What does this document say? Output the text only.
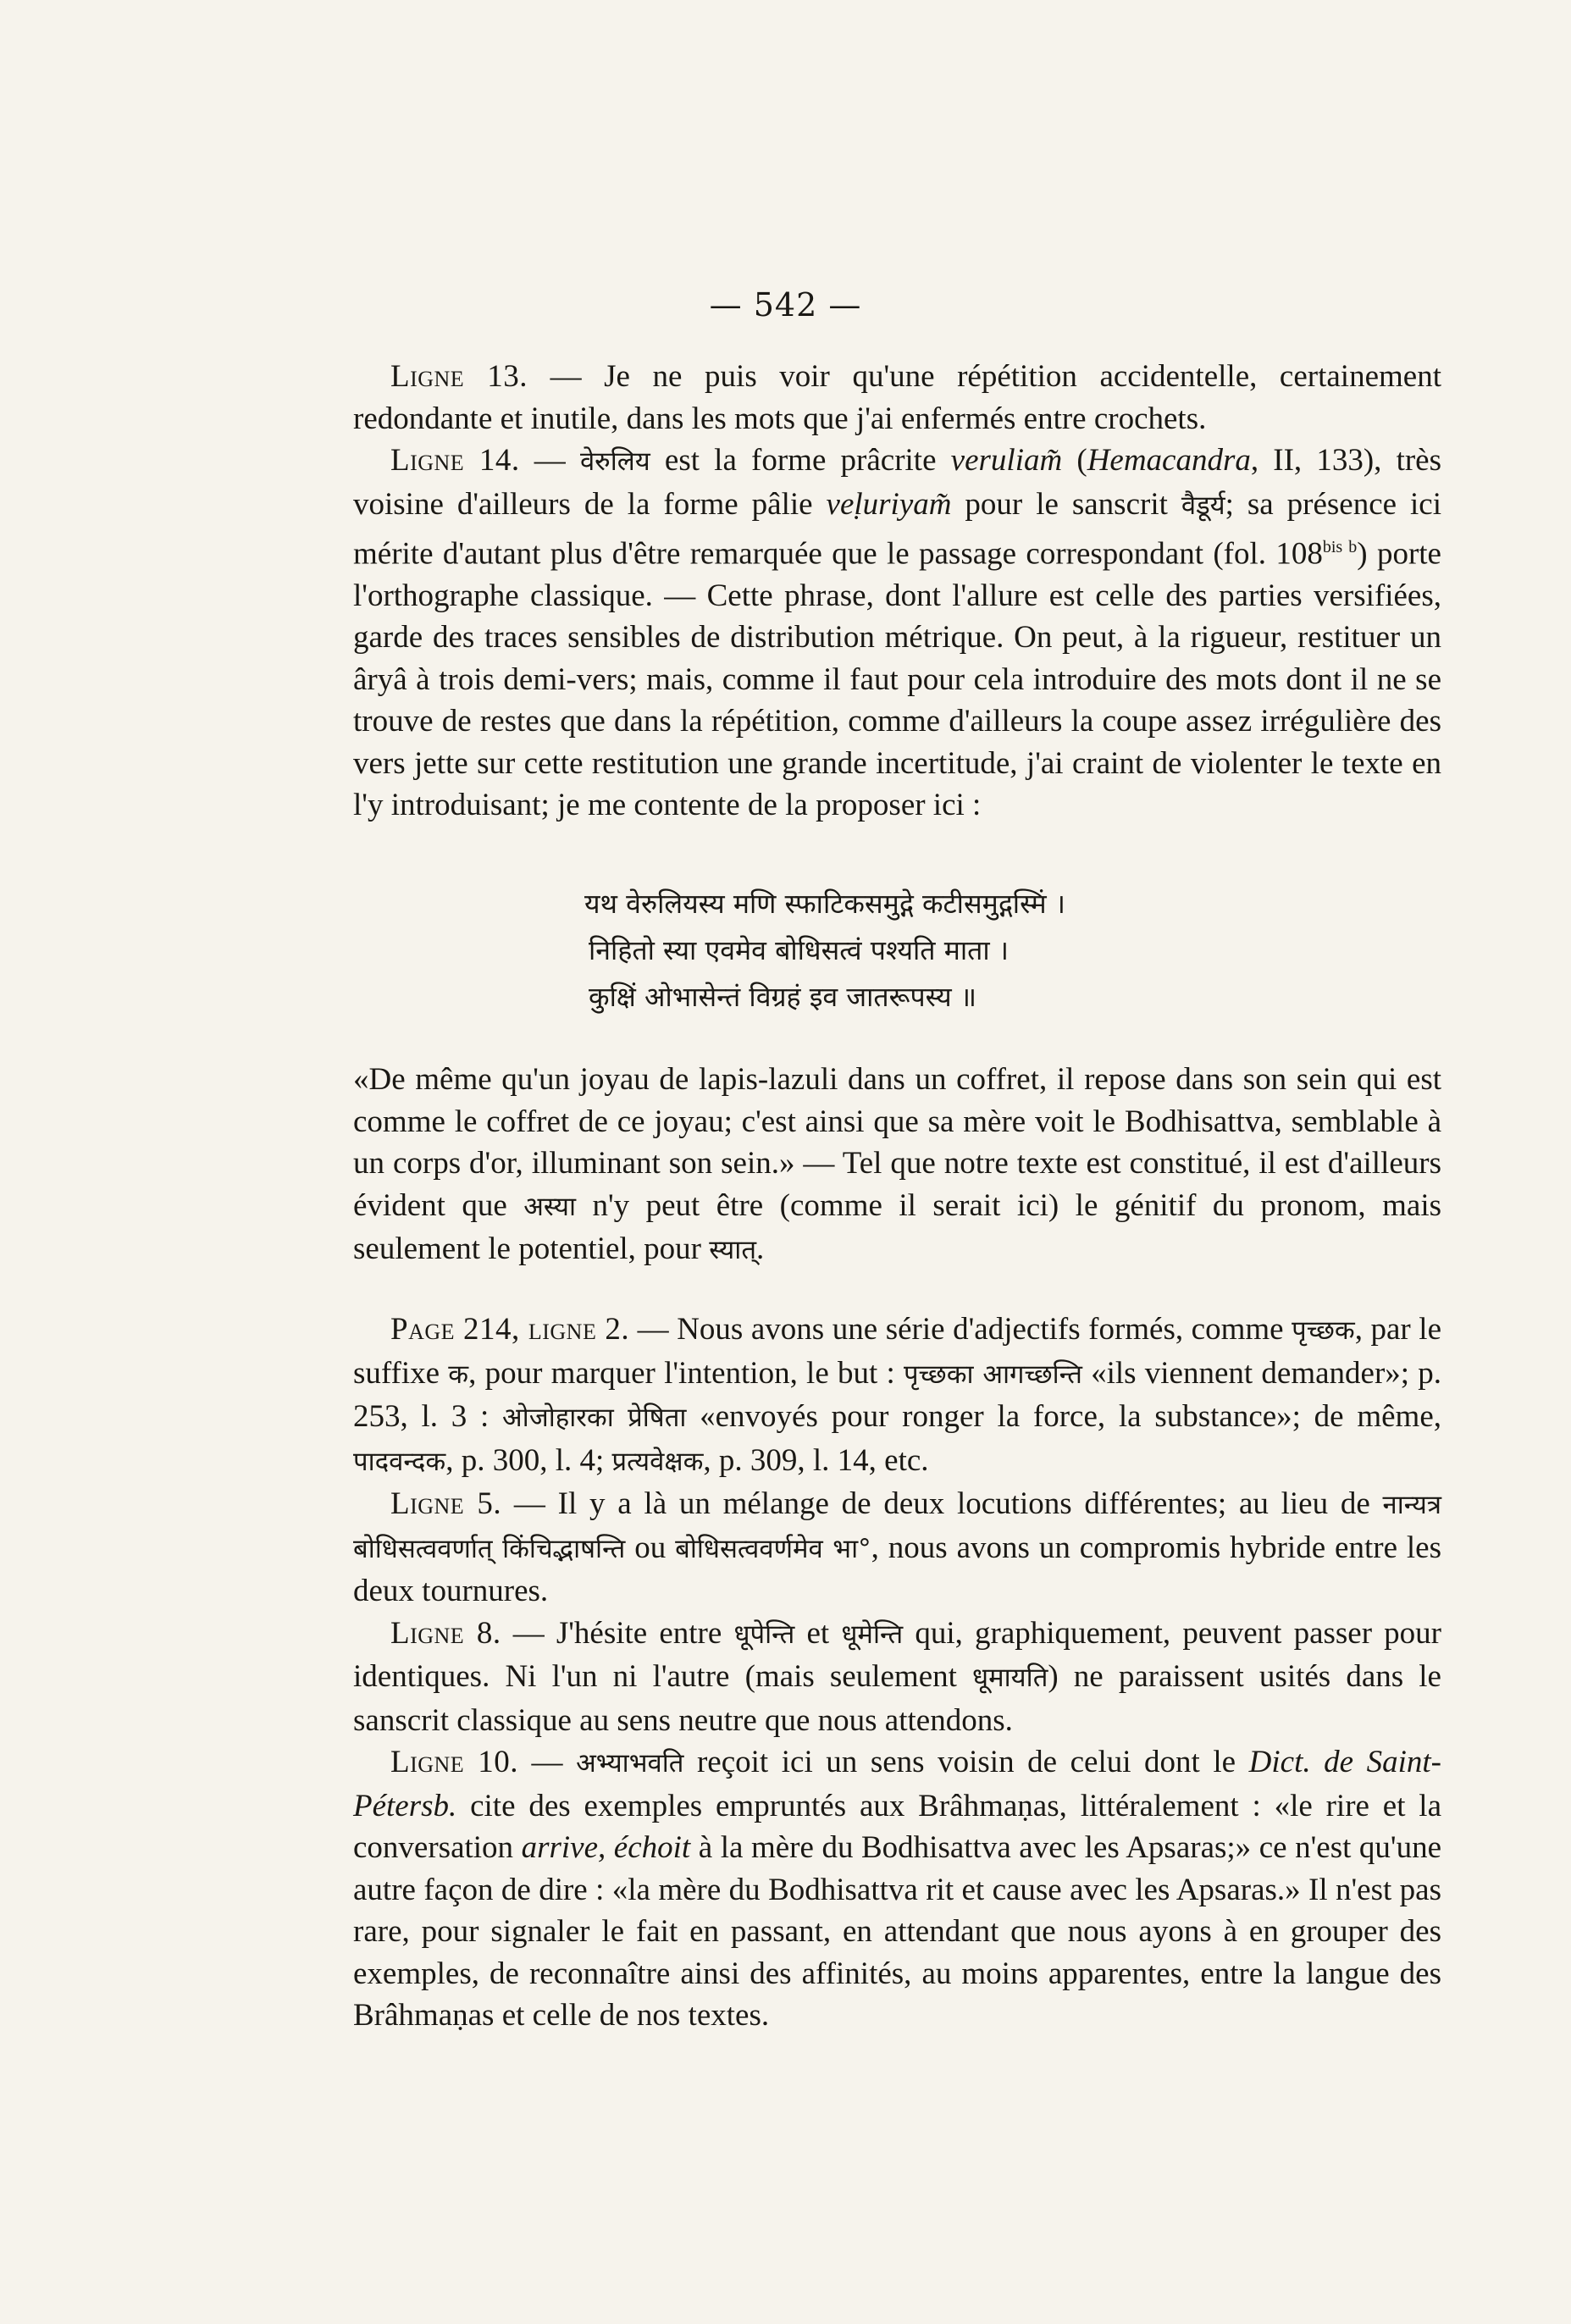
— 542 —

Ligne 13. — Je ne puis voir qu'une répétition accidentelle, certainement redondante et inutile, dans les mots que j'ai enfermés entre crochets.

Ligne 14. — वेरुलिय est la forme prâcrite veruliam̃ (Hemacandra, II, 133), très voisine d'ailleurs de la forme pâlie veḷuriyam̃ pour le sanscrit वैडूर्य; sa présence ici mérite d'autant plus d'être remarquée que le passage correspondant (fol. $108^{bis b}$) porte l'orthographe classique. — Cette phrase, dont l'allure est celle des parties versifiées, garde des traces sensibles de distribution métrique. On peut, à la rigueur, restituer un âryâ à trois demi-vers; mais, comme il faut pour cela introduire des mots dont il ne se trouve de restes que dans la répétition, comme d'ailleurs la coupe assez irrégulière des vers jette sur cette restitution une grande incertitude, j'ai craint de violenter le texte en l'y introduisant; je me contente de la proposer ici :

यथ वेरुलियस्य मणि स्फाटिकसमुद्गे कटीसमुद्गस्मिं ।
निहितो स्या एवमेव बोधिसत्वं पश्यति माता ।
कुक्षिं ओभासेन्तं विग्रहं इव जातरूपस्य ॥

«De même qu'un joyau de lapis-lazuli dans un coffret, il repose dans son sein qui est comme le coffret de ce joyau; c'est ainsi que sa mère voit le Bodhisattva, semblable à un corps d'or, illuminant son sein.» — Tel que notre texte est constitué, il est d'ailleurs évident que अस्या n'y peut être (comme il serait ici) le génitif du pronom, mais seulement le potentiel, pour स्यात्.

Page 214, ligne 2. — Nous avons une série d'adjectifs formés, comme पृच्छक, par le suffixe क, pour marquer l'intention, le but : पृच्छका आगच्छन्ति «ils viennent demander»; p. 253, l. 3 : ओजोहारका प्रेषिता «envoyés pour ronger la force, la substance»; de même, पादवन्दक, p. 300, l. 4; प्रत्यवेक्षक, p. 309, l. 14, etc.

Ligne 5. — Il y a là un mélange de deux locutions différentes; au lieu de नान्यत्र बोधिसत्ववर्णात् किंचिद्भाषन्ति ou बोधिसत्ववर्णमेव भा°, nous avons un compromis hybride entre les deux tournures.

Ligne 8. — J'hésite entre धूपेन्ति et धूमेन्ति qui, graphiquement, peuvent passer pour identiques. Ni l'un ni l'autre (mais seulement धूमायति) ne paraissent usités dans le sanscrit classique au sens neutre que nous attendons.

Ligne 10. — अभ्याभवति reçoit ici un sens voisin de celui dont le Dict. de Saint-Pétersb. cite des exemples empruntés aux Brâhmaṇas, littéralement : «le rire et la conversation arrive, échoit à la mère du Bodhisattva avec les Apsaras;» ce n'est qu'une autre façon de dire : «la mère du Bodhisattva rit et cause avec les Apsaras.» Il n'est pas rare, pour signaler le fait en passant, en attendant que nous ayons à en grouper des exemples, de reconnaître ainsi des affinités, au moins apparentes, entre la langue des Brâhmaṇas et celle de nos textes.
